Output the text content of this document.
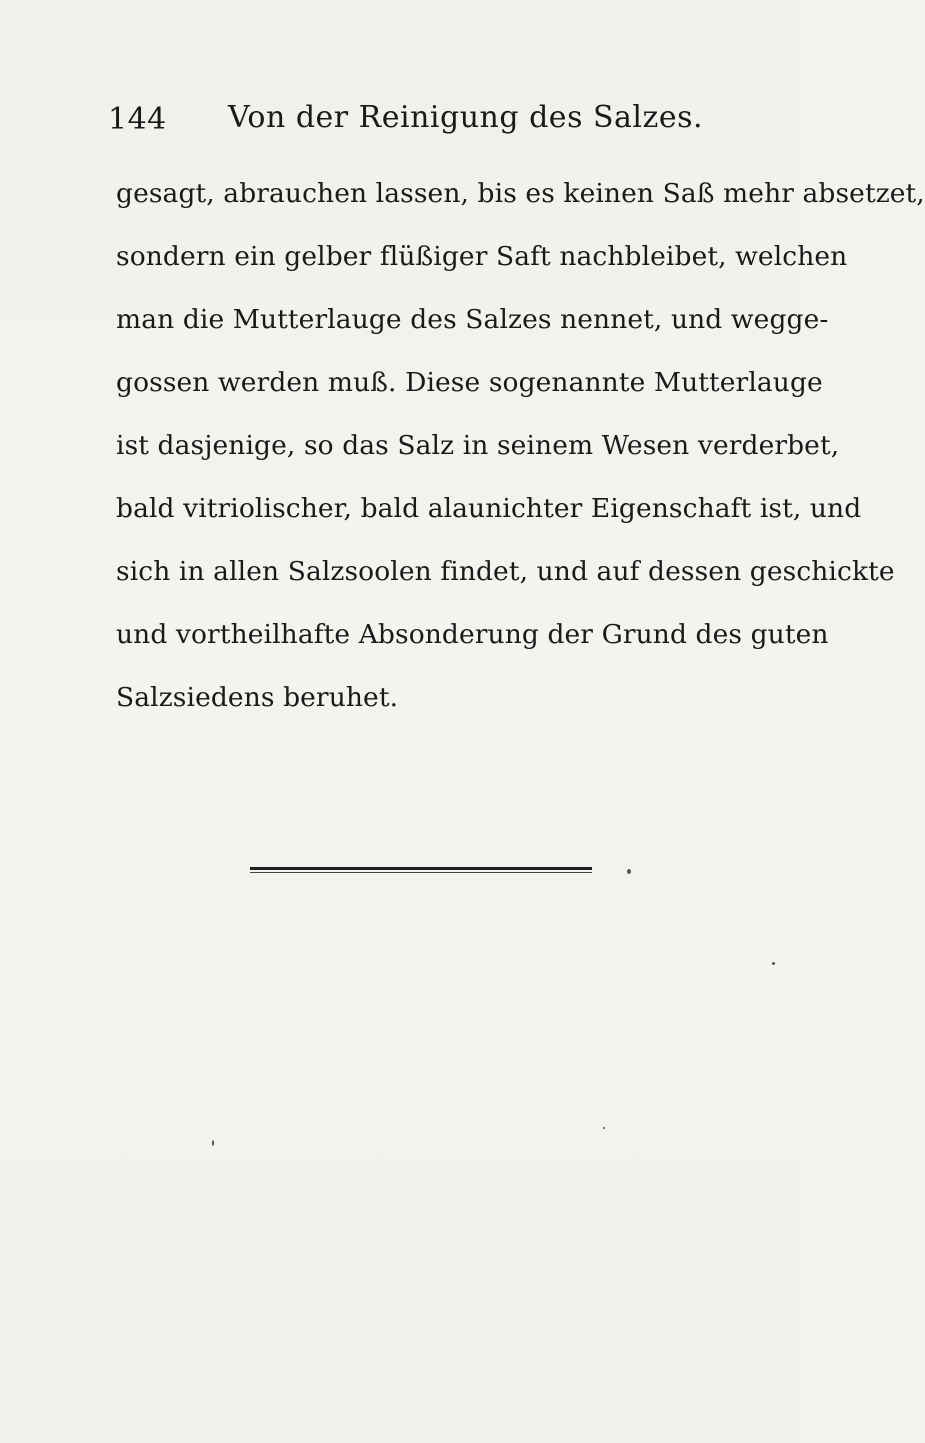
144 Von der Reinigung des Salzes.
gesagt, abrauchen lassen, bis es keinen Saß mehr absetzet,
sondern ein gelber flüßiger Saft nachbleibet, welchen
man die Mutterlauge des Salzes nennet, und wegge-
gossen werden muß. Diese sogenannte Mutterlauge
ist dasjenige, so das Salz in seinem Wesen verderbet,
bald vitriolischer, bald alaunichter Eigenschaft ist, und
sich in allen Salzsoolen findet, und auf dessen geschickte
und vortheilhafte Absonderung der Grund des guten
Salzsiedens beruhet.
